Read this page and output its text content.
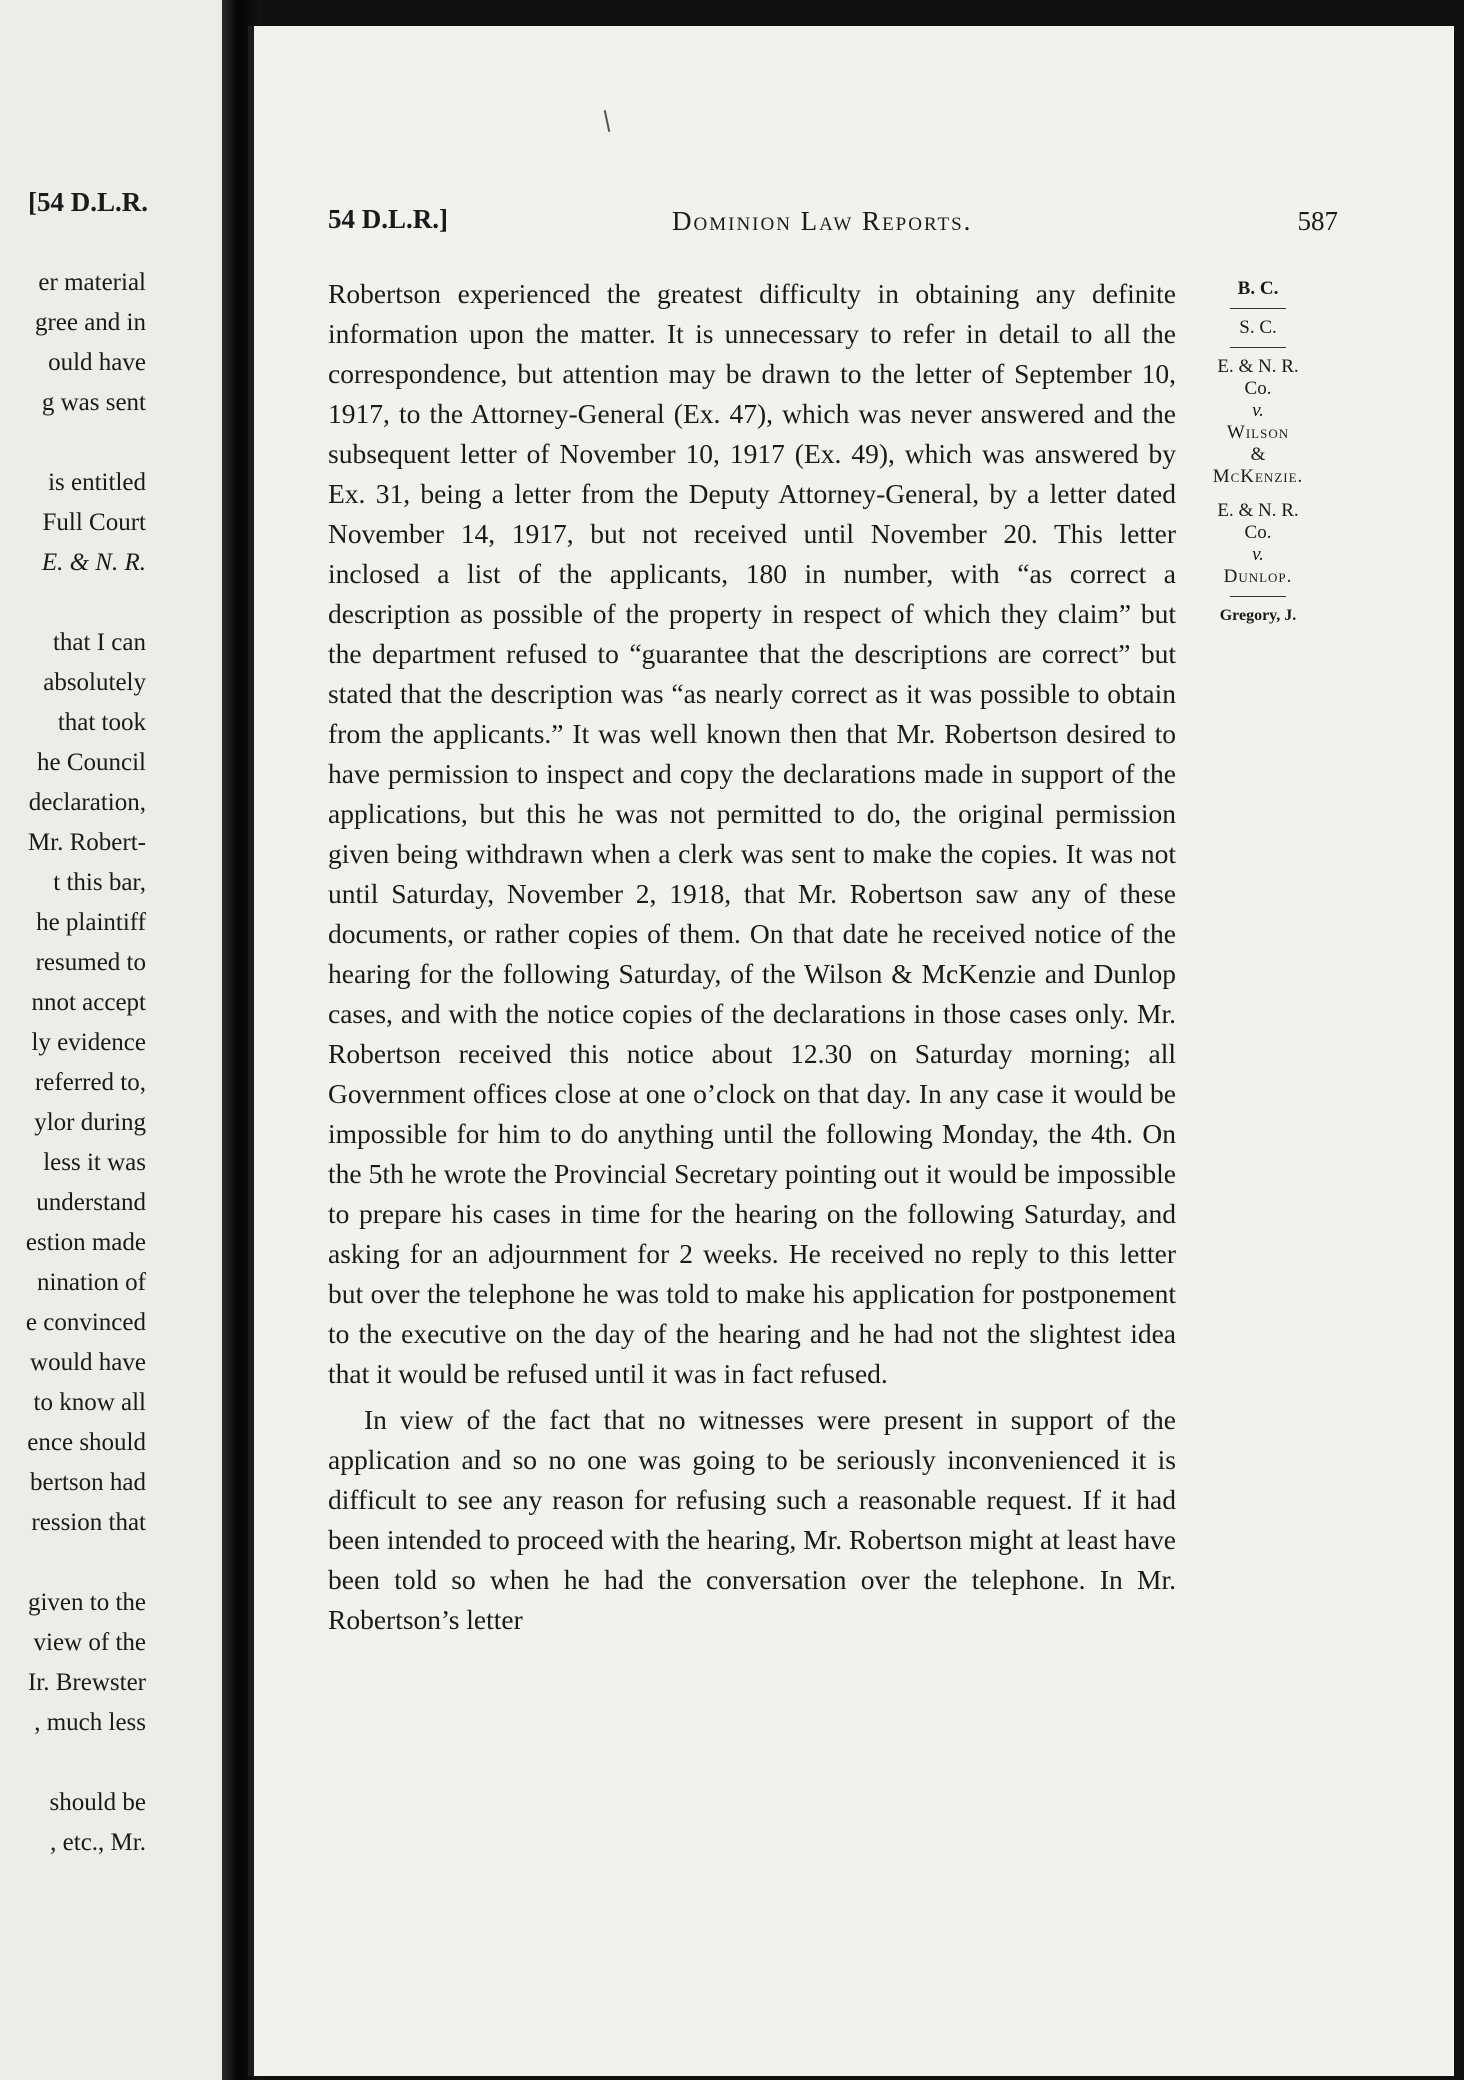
[54 D.L.R.
er material
gree and in
ould have
g was sent
is entitled
Full Court
E. & N. R.
that I can
absolutely
that took
he Council
declaration,
Mr. Robert-
t this bar,
he plaintiff
resumed to
nnot accept
ly evidence
referred to,
ylor during
less it was
understand
estion made
nination of
e convinced
would have
to know all
ence should
bertson had
ression that
given to the
view of the
Ir. Brewster
, much less
should be
, etc., Mr.
54 D.L.R.]	Dominion Law Reports.	587

Robertson experienced the greatest difficulty in obtaining any definite information upon the matter. It is unnecessary to refer in detail to all the correspondence, but attention may be drawn to the letter of September 10, 1917, to the Attorney-General (Ex. 47), which was never answered and the subsequent letter of November 10, 1917 (Ex. 49), which was answered by Ex. 31, being a letter from the Deputy Attorney-General, by a letter dated November 14, 1917, but not received until November 20. This letter inclosed a list of the applicants, 180 in number, with “as correct a description as possible of the property in respect of which they claim” but the department refused to “guarantee that the descriptions are correct” but stated that the description was “as nearly correct as it was possible to obtain from the applicants.” It was well known then that Mr. Robertson desired to have permission to inspect and copy the declarations made in support of the applications, but this he was not permitted to do, the original permission given being withdrawn when a clerk was sent to make the copies. It was not until Saturday, November 2, 1918, that Mr. Robertson saw any of these documents, or rather copies of them. On that date he received notice of the hearing for the following Saturday, of the Wilson & McKenzie and Dunlop cases, and with the notice copies of the declarations in those cases only. Mr. Robertson received this notice about 12.30 on Saturday morning; all Government offices close at one o’clock on that day. In any case it would be impossible for him to do anything until the following Monday, the 4th. On the 5th he wrote the Provincial Secretary pointing out it would be impossible to prepare his cases in time for the hearing on the following Saturday, and asking for an adjournment for 2 weeks. He received no reply to this letter but over the telephone he was told to make his application for postponement to the executive on the day of the hearing and he had not the slightest idea that it would be refused until it was in fact refused.

In view of the fact that no witnesses were present in support of the application and so no one was going to be seriously inconvenienced it is difficult to see any reason for refusing such a reasonable request. If it had been intended to proceed with the hearing, Mr. Robertson might at least have been told so when he had the conversation over the telephone. In Mr. Robertson’s letter

B. C.
S. C.
E. & N. R.
Co.
v.
Wilson
&
McKenzie.
E. & N. R.
Co.
v.
Dunlop.
Gregory, J.
